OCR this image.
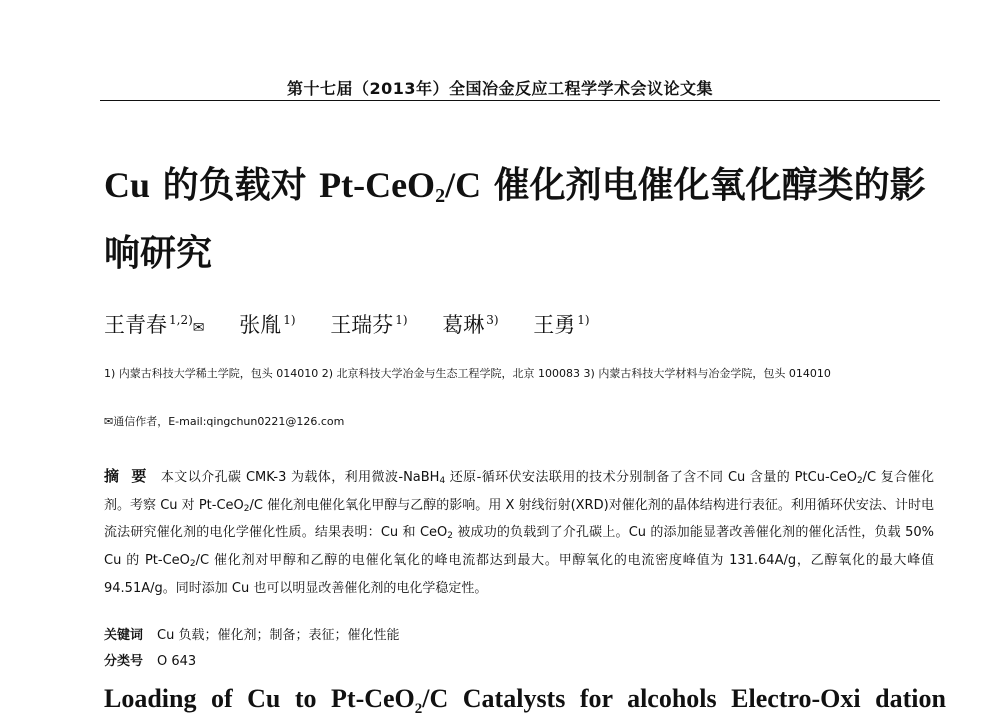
第十七届（2013年）全国冶金反应工程学学术会议论文集
Cu 的负载对 Pt-CeO$_2$/C 催化剂电催化氧化醇类的影响研究
王青春 $^{1,2)}$✉ 张胤 $^{1)}$ 王瑞芬 $^{1)}$ 葛琳 $^{3)}$ 王勇 $^{1)}$
1) 内蒙古科技大学稀土学院，包头 014010 2) 北京科技大学冶金与生态工程学院，北京 100083 3) 内蒙古科技大学材料与冶金学院，包头 014010
✉通信作者，E-mail:qingchun0221@126.com
摘要 本文以介孔碳 CMK-3 为载体，利用微波-NaBH$_4$ 还原-循环伏安法联用的技术分别制备了含不同 Cu 含量的 PtCu-CeO$_2$/C 复合催化剂。考察 Cu 对 Pt-CeO$_2$/C 催化剂电催化氧化甲醇与乙醇的影响。用 X 射线衍射(XRD)对催化剂的晶体结构进行表征。利用循环伏安法、计时电流法研究催化剂的电化学催化性质。结果表明：Cu 和 CeO$_2$ 被成功的负载到了介孔碳上。Cu 的添加能显著改善催化剂的催化活性，负载 50% Cu 的 Pt-CeO$_2$/C 催化剂对甲醇和乙醇的电催化氧化的峰电流都达到最大。甲醇氧化的电流密度峰值为 131.64A/g，乙醇氧化的最大峰值 94.51A/g。同时添加 Cu 也可以明显改善催化剂的电化学稳定性。
关键词 Cu 负载；催化剂；制备；表征；催化性能
分类号 O 643
Loading of Cu to Pt-CeO$_2$/C Catalysts for alcohols Electro-Oxi dation
